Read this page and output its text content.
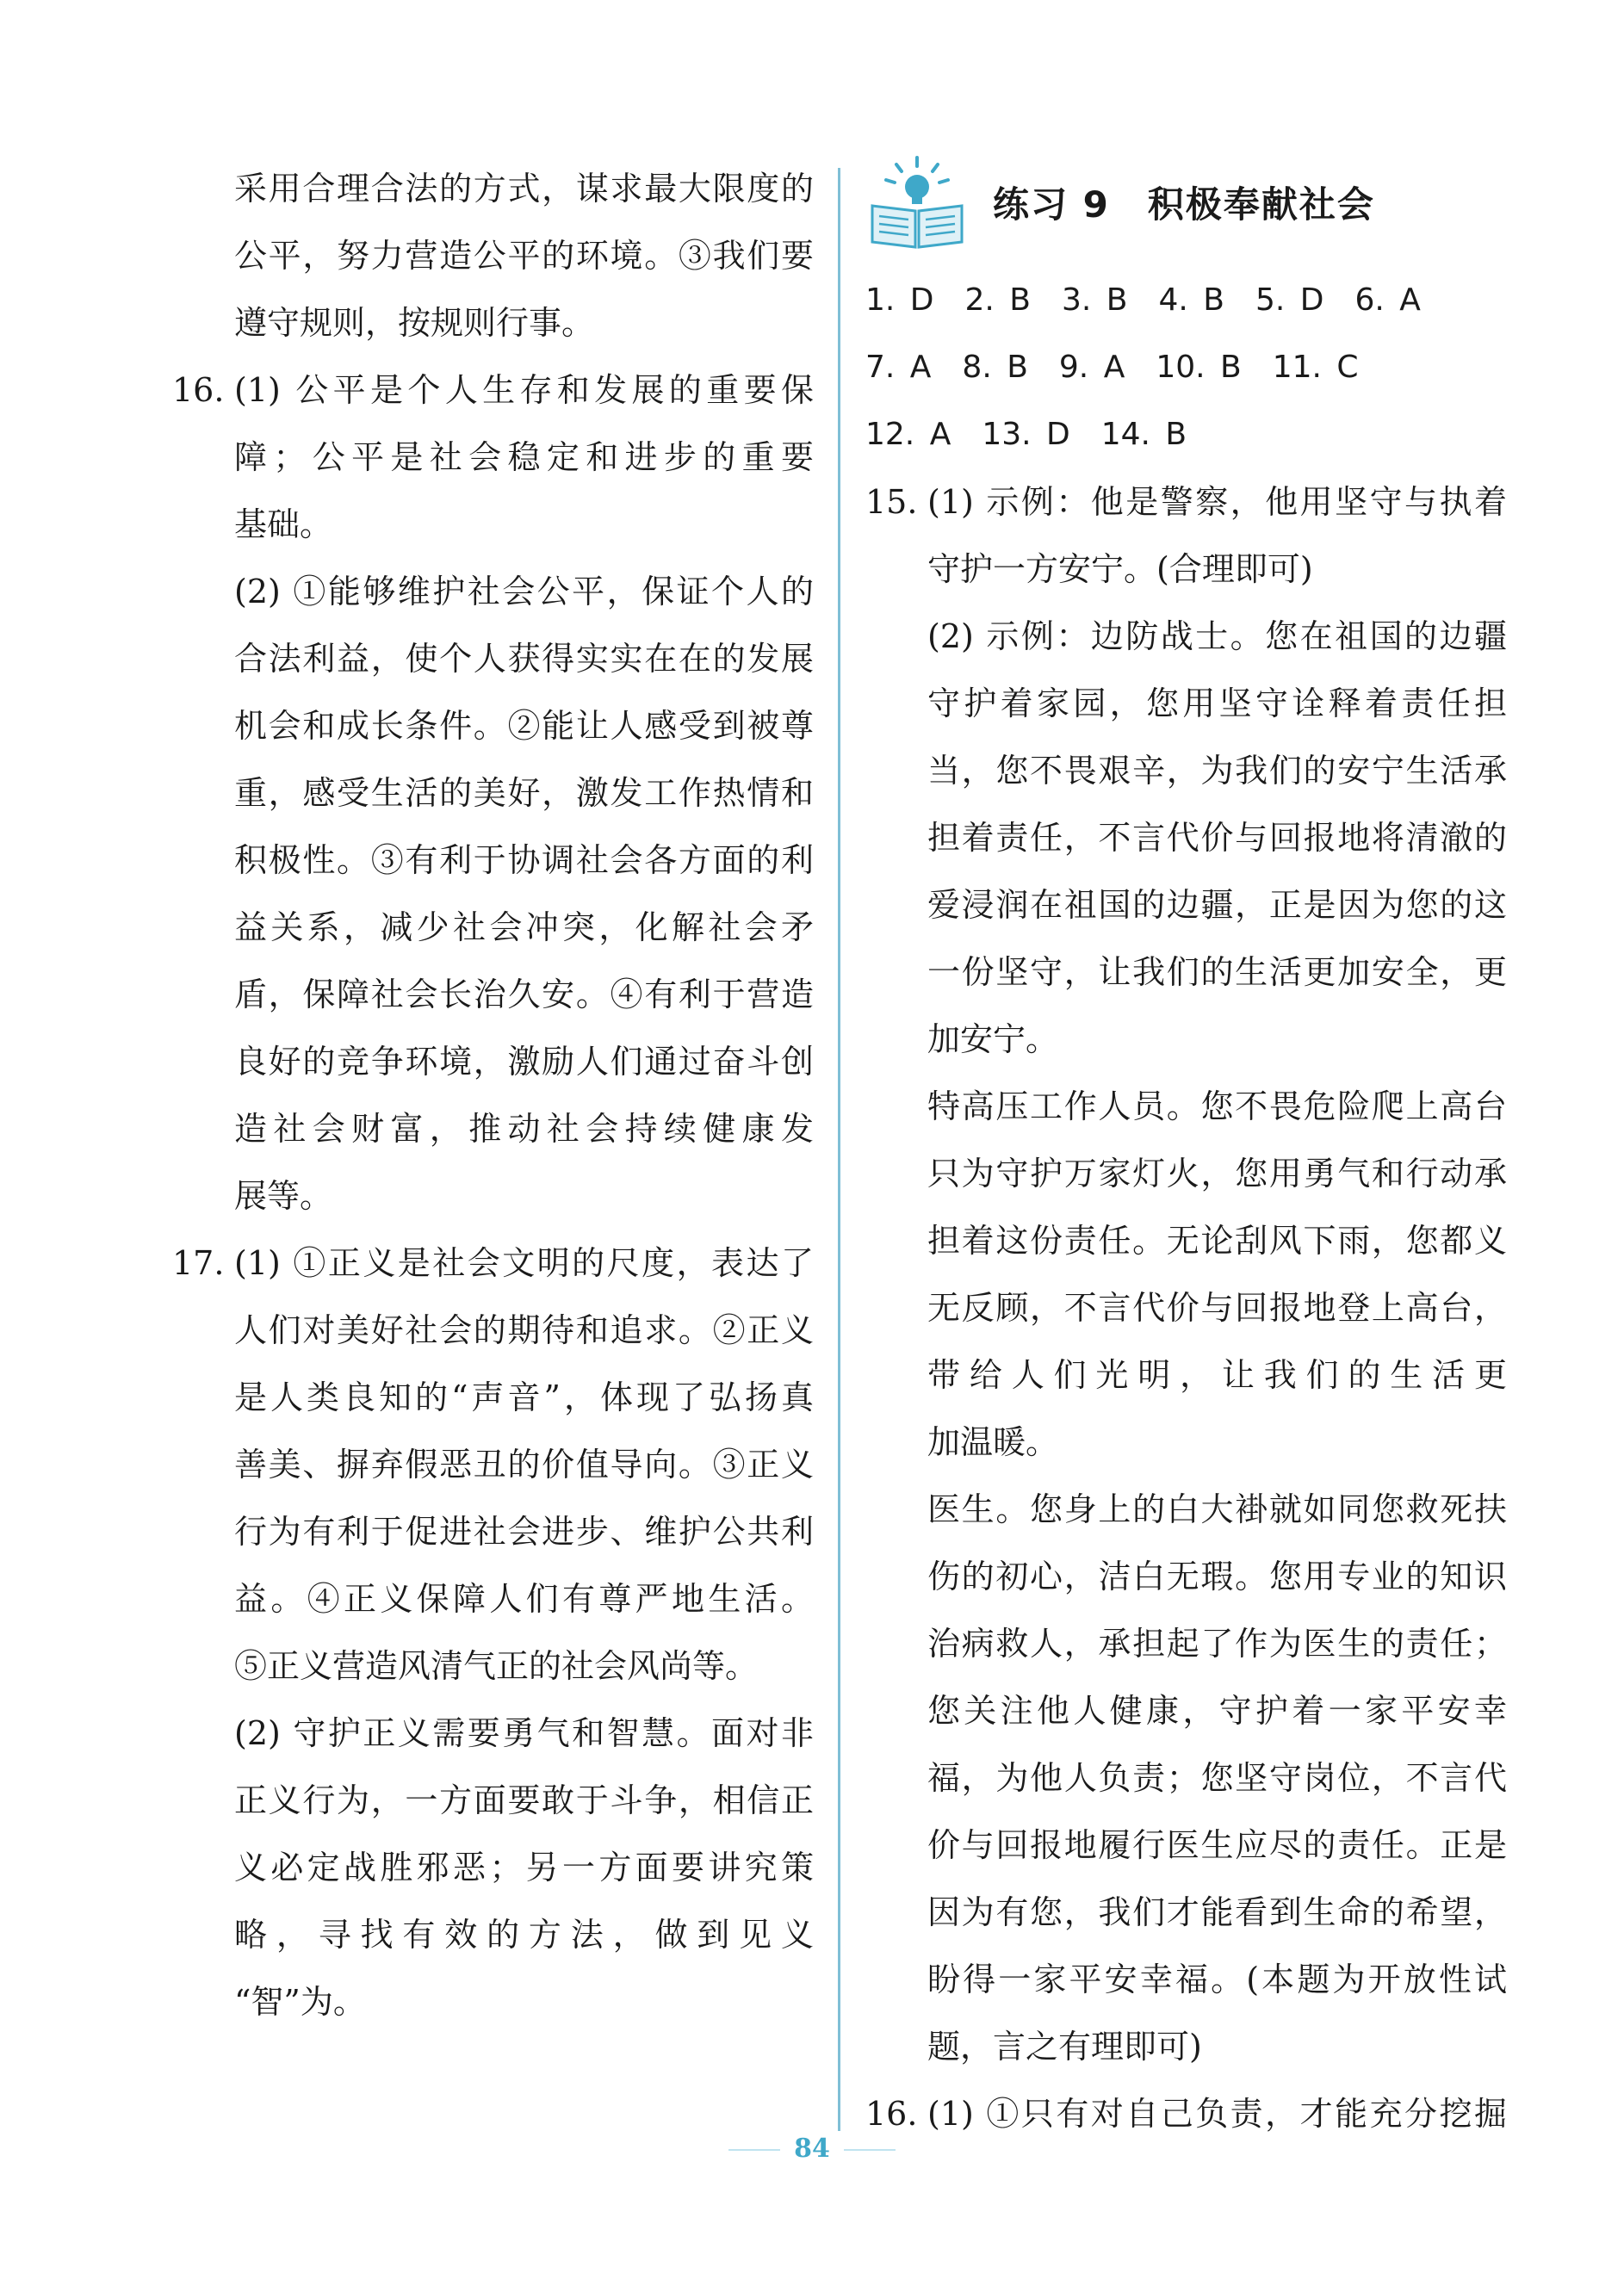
采用合理合法的方式，谋求最大限度的
公平，努力营造公平的环境。③我们要
遵守规则，按规则行事。
16. (1) 公平是个人生存和发展的重要保
障；公平是社会稳定和进步的重要
基础。
(2) ①能够维护社会公平，保证个人的
合法利益，使个人获得实实在在的发展
机会和成长条件。②能让人感受到被尊
重，感受生活的美好，激发工作热情和
积极性。③有利于协调社会各方面的利
益关系，减少社会冲突，化解社会矛
盾，保障社会长治久安。④有利于营造
良好的竞争环境，激励人们通过奋斗创
造社会财富，推动社会持续健康发
展等。
17. (1) ①正义是社会文明的尺度，表达了
人们对美好社会的期待和追求。②正义
是人类良知的“声音”，体现了弘扬真
善美、摒弃假恶丑的价值导向。③正义
行为有利于促进社会进步、维护公共利
益。④正义保障人们有尊严地生活。
⑤正义营造风清气正的社会风尚等。
(2) 守护正义需要勇气和智慧。面对非
正义行为，一方面要敢于斗争，相信正
义必定战胜邪恶；另一方面要讲究策
略，寻找有效的方法，做到见义
“智”为。
练习 9　积极奉献社会
1. D　2. B　3. B　4. B　5. D　6. A
7. A　8. B　9. A　10. B　11. C
12. A　13. D　14. B
15. (1) 示例：他是警察，他用坚守与执着
守护一方安宁。(合理即可)
(2) 示例：边防战士。您在祖国的边疆
守护着家园，您用坚守诠释着责任担
当，您不畏艰辛，为我们的安宁生活承
担着责任，不言代价与回报地将清澈的
爱浸润在祖国的边疆，正是因为您的这
一份坚守，让我们的生活更加安全，更
加安宁。
特高压工作人员。您不畏危险爬上高台
只为守护万家灯火，您用勇气和行动承
担着这份责任。无论刮风下雨，您都义
无反顾，不言代价与回报地登上高台，
带给人们光明，让我们的生活更
加温暖。
医生。您身上的白大褂就如同您救死扶
伤的初心，洁白无瑕。您用专业的知识
治病救人，承担起了作为医生的责任；
您关注他人健康，守护着一家平安幸
福，为他人负责；您坚守岗位，不言代
价与回报地履行医生应尽的责任。正是
因为有您，我们才能看到生命的希望，
盼得一家平安幸福。(本题为开放性试
题，言之有理即可)
16. (1) ①只有对自己负责，才能充分挖掘
84
